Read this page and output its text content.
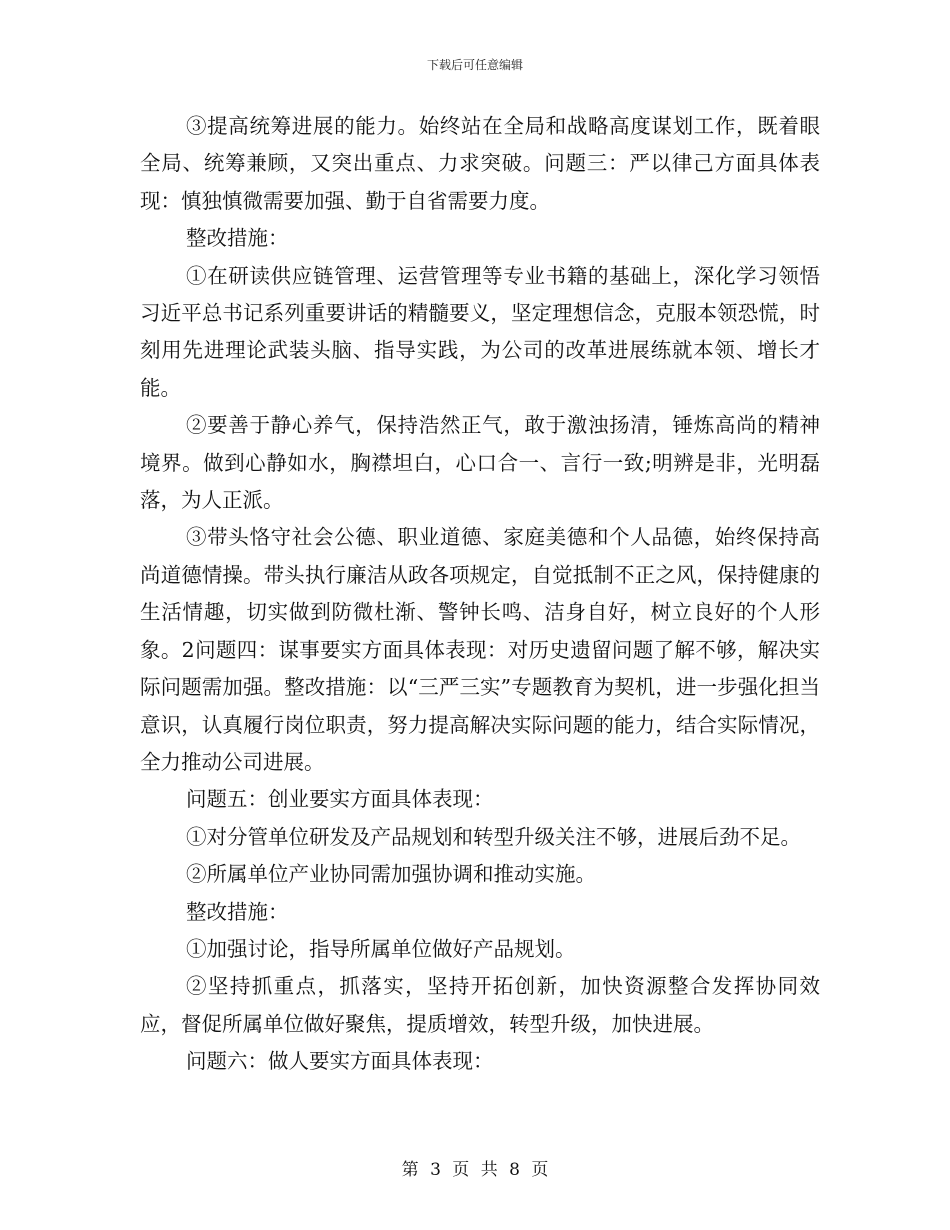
下载后可任意编辑

③提高统筹进展的能力。始终站在全局和战略高度谋划工作，既着眼全局、统筹兼顾，又突出重点、力求突破。问题三：严以律己方面具体表现：慎独慎微需要加强、勤于自省需要力度。

整改措施：

①在研读供应链管理、运营管理等专业书籍的基础上，深化学习领悟习近平总书记系列重要讲话的精髓要义，坚定理想信念，克服本领恐慌，时刻用先进理论武装头脑、指导实践，为公司的改革进展练就本领、增长才能。

②要善于静心养气，保持浩然正气，敢于激浊扬清，锤炼高尚的精神境界。做到心静如水，胸襟坦白，心口合一、言行一致;明辨是非，光明磊落，为人正派。

③带头恪守社会公德、职业道德、家庭美德和个人品德，始终保持高尚道德情操。带头执行廉洁从政各项规定，自觉抵制不正之风，保持健康的生活情趣，切实做到防微杜渐、警钟长鸣、洁身自好，树立良好的个人形象。2问题四：谋事要实方面具体表现：对历史遗留问题了解不够，解决实际问题需加强。整改措施：以“三严三实”专题教育为契机，进一步强化担当意识，认真履行岗位职责，努力提高解决实际问题的能力，结合实际情况，全力推动公司进展。

问题五：创业要实方面具体表现：

①对分管单位研发及产品规划和转型升级关注不够，进展后劲不足。

②所属单位产业协同需加强协调和推动实施。

整改措施：

①加强讨论，指导所属单位做好产品规划。

②坚持抓重点，抓落实，坚持开拓创新，加快资源整合发挥协同效应，督促所属单位做好聚焦，提质增效，转型升级，加快进展。

问题六：做人要实方面具体表现：

第 3 页 共 8 页
